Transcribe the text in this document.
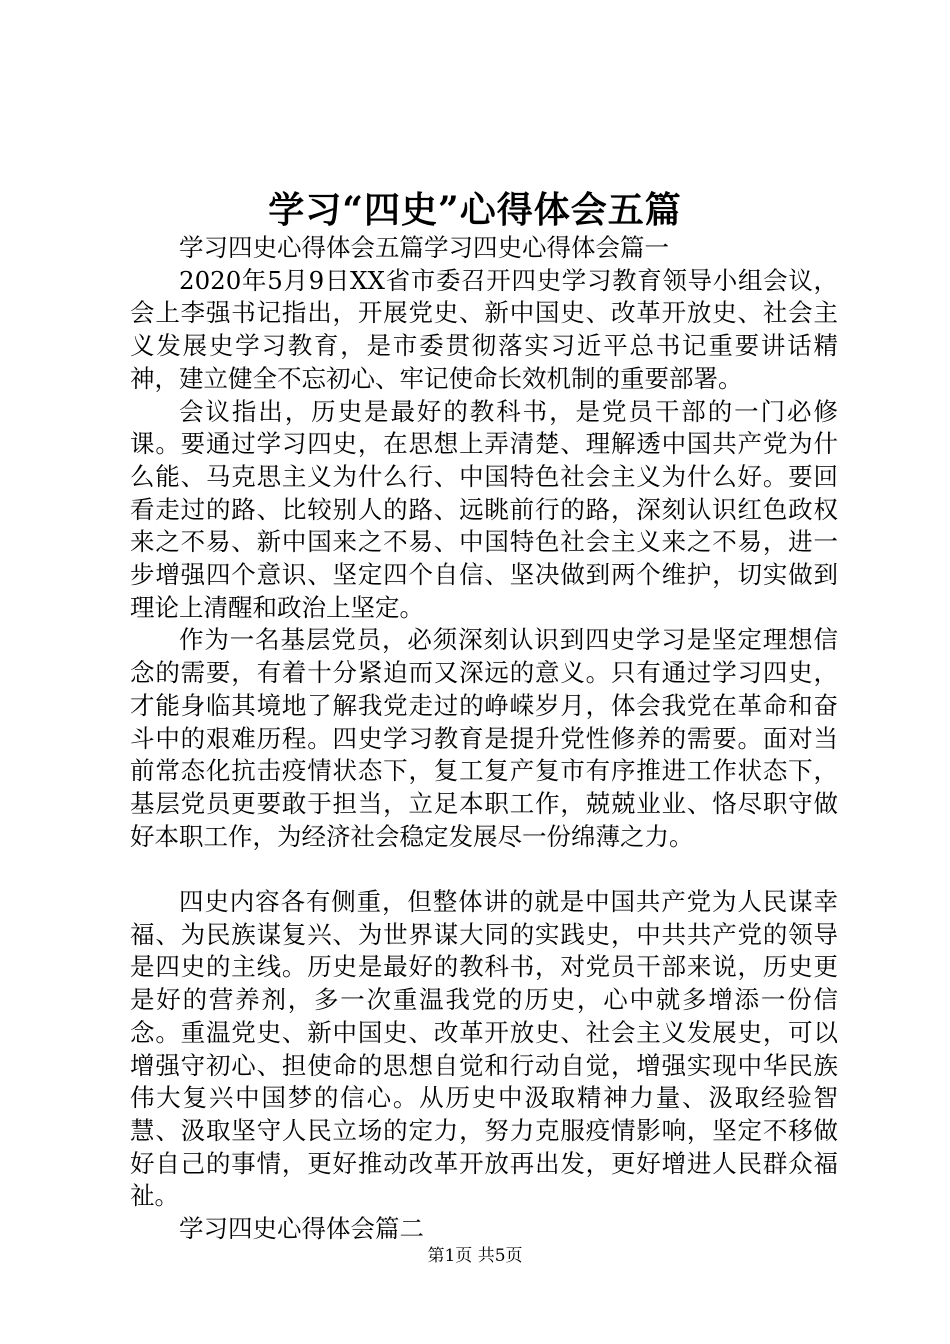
学习“四史”心得体会五篇

学习四史心得体会五篇学习四史心得体会篇一

2020年5月9日XX省市委召开四史学习教育领导小组会议，会上李强书记指出，开展党史、新中国史、改革开放史、社会主义发展史学习教育，是市委贯彻落实习近平总书记重要讲话精神，建立健全不忘初心、牢记使命长效机制的重要部署。

会议指出，历史是最好的教科书，是党员干部的一门必修课。要通过学习四史，在思想上弄清楚、理解透中国共产党为什么能、马克思主义为什么行、中国特色社会主义为什么好。要回看走过的路、比较别人的路、远眺前行的路，深刻认识红色政权来之不易、新中国来之不易、中国特色社会主义来之不易，进一步增强四个意识、坚定四个自信、坚决做到两个维护，切实做到理论上清醒和政治上坚定。

作为一名基层党员，必须深刻认识到四史学习是坚定理想信念的需要，有着十分紧迫而又深远的意义。只有通过学习四史，才能身临其境地了解我党走过的峥嵘岁月，体会我党在革命和奋斗中的艰难历程。四史学习教育是提升党性修养的需要。面对当前常态化抗击疫情状态下，复工复产复市有序推进工作状态下，基层党员更要敢于担当，立足本职工作，兢兢业业、恪尽职守做好本职工作，为经济社会稳定发展尽一份绵薄之力。

四史内容各有侧重，但整体讲的就是中国共产党为人民谋幸福、为民族谋复兴、为世界谋大同的实践史，中共共产党的领导是四史的主线。历史是最好的教科书，对党员干部来说，历史更是好的营养剂，多一次重温我党的历史，心中就多增添一份信念。重温党史、新中国史、改革开放史、社会主义发展史，可以增强守初心、担使命的思想自觉和行动自觉，增强实现中华民族伟大复兴中国梦的信心。从历史中汲取精神力量、汲取经验智慧、汲取坚守人民立场的定力，努力克服疫情影响，坚定不移做好自己的事情，更好推动改革开放再出发，更好增进人民群众福祉。

学习四史心得体会篇二

第1页 共5页
